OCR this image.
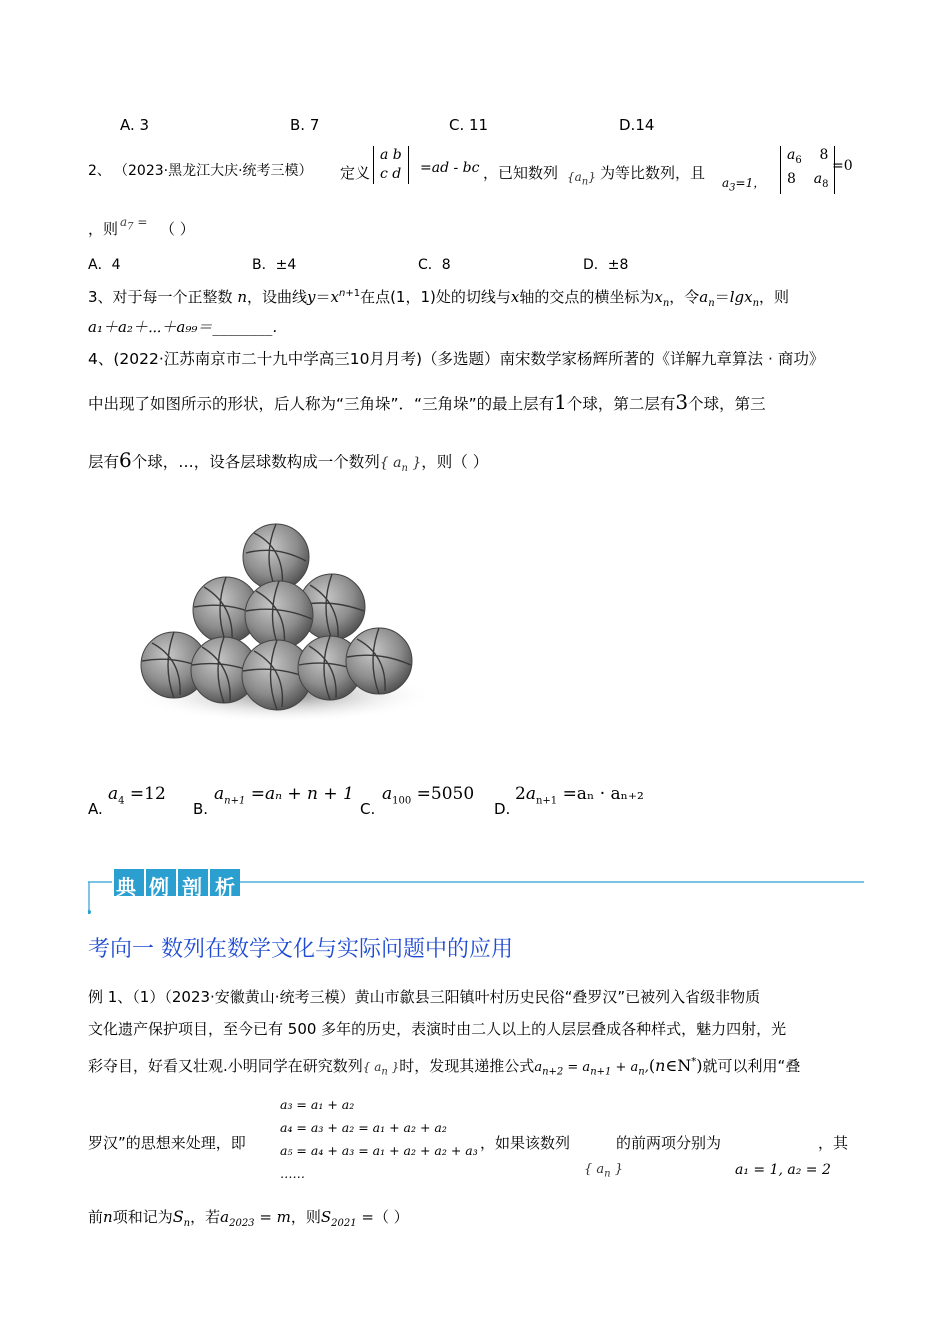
A. 3	B. 7	C. 11	D.14
2、 （2023·黑龙江大庆·统考三模） 定义
a b
c d =ad - bc ，已知数列 $\{a_n\}$ 为等比数列，且
$a_3=1$，
$a_6$    8
8    $a_8$
=0
，则 $a_7$ = （ ）
A．4	B．±4	C．8	D．±8
3、对于每一个正整数 n，设曲线$y=x^{n+1}$在点(1，1)处的切线与x轴的交点的横坐标为$x_n$，令$a_n=\lg x_n$，则
a₁＋a₂＋⋯＋a₉₉＝________.
4、(2022·江苏南京市二十九中学高三10月月考)（多选题）南宋数学家杨辉所著的《详解九章算法 · 商功》
中出现了如图所示的形状，后人称为“三角垛”．“三角垛”的最上层有1个球，第二层有3个球，第三
层有6个球，…，设各层球数构成一个数列{ $a_n$ }，则（ ）
A.
$a_4 =12$
B.
$a_{n+1} =a_n + n + 1$
C.
$a_{100} =5050$
D.
$2a_{n+1} =a_n \cdot a_{n+2}$
典例剖析
考向一 数列在数学文化与实际问题中的应用
例 1、（1）（2023·安徽黄山·统考三模）黄山市歙县三阳镇叶村历史民俗“叠罗汉”已被列入省级非物质
文化遗产保护项目，至今已有 500 多年的历史，表演时由二人以上的人层层叠成各种样式，魅力四射，光
彩夺目，好看又壮观.小明同学在研究数列{ $a_n$ }时，发现其递推公式$a_{n+2} = a_{n+1}$ + $a_n,(n\in N^*)$就可以利用“叠
a₃ = a₁ + a₂
a₄ = a₃ + a₂ = a₁ + a₂ + a₂
a₅ = a₄ + a₃ = a₁ + a₂ + a₂ + a₃
……
罗汉”的思想来处理，即	，如果该数列	的前两项分别为	，其
{ $a_n$ }	a₁ = 1, a₂ = 2
前n项和记为$S_n$，若$a_{2023} = m$，则$S_{2021}$ =（ ）
